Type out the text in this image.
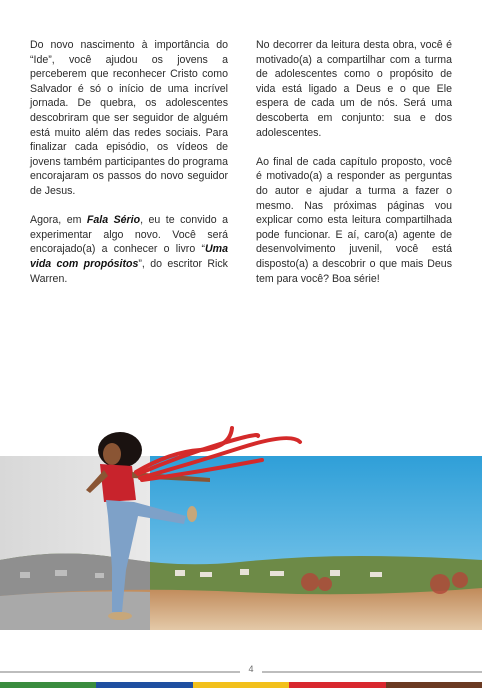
Do novo nascimento à importância do “Ide”, você ajudou os jovens a perceberem que reconhecer Cristo como Salvador é só o início de uma incrível jornada. De quebra, os adolescentes descobriram que ser seguidor de alguém está muito além das redes sociais. Para finalizar cada episódio, os vídeos de jovens também participantes do programa encorajaram os passos do novo seguidor de Jesus.

Agora, em Fala Sério, eu te convido a experimentar algo novo. Você será encorajado(a) a conhecer o livro “Uma vida com propósitos”, do escritor Rick Warren.

No decorrer da leitura desta obra, você é motivado(a) a compartilhar com a turma de adolescentes como o propósito de vida está ligado a Deus e o que Ele espera de cada um de nós. Será uma descoberta em conjunto: sua e dos adolescentes.

Ao final de cada capítulo proposto, você é motivado(a) a responder as perguntas do autor e ajudar a turma a fazer o mesmo. Nas próximas páginas vou explicar como esta leitura compartilhada pode funcionar. E aí, caro(a) agente de desenvolvimento juvenil, você está disposto(a) a descobrir o que mais Deus tem para você? Boa série!

4
